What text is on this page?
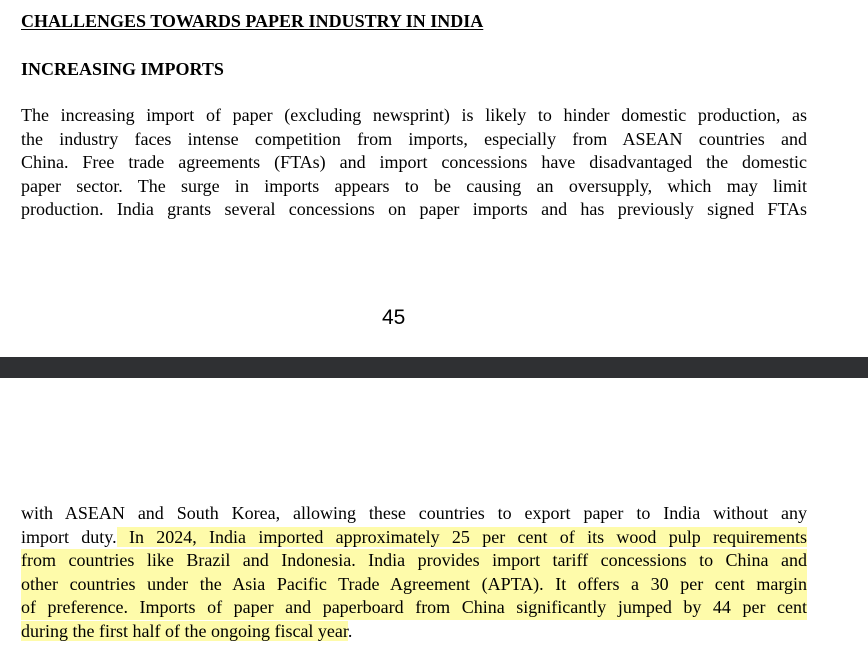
CHALLENGES TOWARDS PAPER INDUSTRY IN INDIA
INCREASING IMPORTS
The increasing import of paper (excluding newsprint) is likely to hinder domestic production, as
the industry faces intense competition from imports, especially from ASEAN countries and
China. Free trade agreements (FTAs) and import concessions have disadvantaged the domestic
paper sector. The surge in imports appears to be causing an oversupply, which may limit
production. India grants several concessions on paper imports and has previously signed FTAs
45
with ASEAN and South Korea, allowing these countries to export paper to India without any
import duty. In 2024, India imported approximately 25 per cent of its wood pulp requirements
from countries like Brazil and Indonesia. India provides import tariff concessions to China and
other countries under the Asia Pacific Trade Agreement (APTA). It offers a 30 per cent margin
of preference. Imports of paper and paperboard from China significantly jumped by 44 per cent
during the first half of the ongoing fiscal year.
